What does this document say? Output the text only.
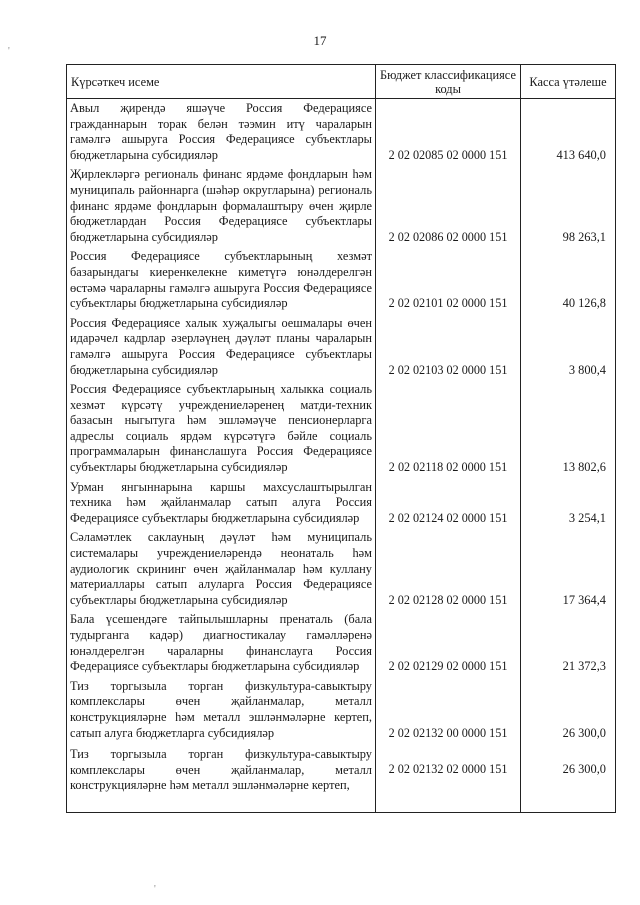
17
Күрсәткеч исеме	Бюджет классификациясе коды	Касса үтәлеше
Авыл җирендә яшәүче Россия Федерациясе гражданнарын торак белән тәэмин итү чараларын гамәлгә ашыруга Россия Федерациясе субъектлары бюджетларына субсидияләр	2 02 02085 02 0000 151	413 640,0
Җирлекләргә региональ финанс ярдәме фондларын һәм муниципаль районнарга (шәһәр округларына) региональ финанс ярдәме фондларын формалаштыру өчен җирле бюджетлардан Россия Федерациясе субъектлары бюджетларына субсидияләр	2 02 02086 02 0000 151	98 263,1
Россия Федерациясе субъектларының хезмәт базарындагы киеренкелекне киметүгә юнәлдерелгән өстәмә чараларны гамәлгә ашыруга Россия Федерациясе субъектлары бюджетларына субсидияләр	2 02 02101 02 0000 151	40 126,8
Россия Федерациясе халык хуҗалыгы оешмалары өчен идарәчел кадрлар әзерләүнең дәүләт планы чараларын гамәлгә ашыруга Россия Федерациясе субъектлары бюджетларына субсидияләр	2 02 02103 02 0000 151	3 800,4
Россия Федерациясе субъектларының халыкка социаль хезмәт күрсәтү учреждениеләренең матди-техник базасын ныгытуга һәм эшләмәүче пенсионерларга адреслы социаль ярдәм күрсәтүгә бәйле социаль программаларын финанслашуга Россия Федерациясе субъектлары бюджетларына субсидияләр	2 02 02118 02 0000 151	13 802,6
Урман янгыннарына каршы махсуслаштырылган техника һәм җайланмалар сатып алуга Россия Федерациясе субъектлары бюджетларына субсидияләр	2 02 02124 02 0000 151	3 254,1
Сәламәтлек саклауның дәүләт һәм муниципаль системалары учреждениеләрендә неонаталь һәм аудиологик скрининг өчен җайланмалар һәм куллану материаллары сатып алуларга Россия Федерациясе субъектлары бюджетларына субсидияләр	2 02 02128 02 0000 151	17 364,4
Бала үсешендәге тайпылышларны пренаталь (бала тудырганга кадәр) диагностикалау гамәлләренә юнәлдерелгән чараларны финанслауга Россия Федерациясе субъектлары бюджетларына субсидияләр	2 02 02129 02 0000 151	21 372,3
Тиз торгызыла торган физкультура-савыктыру комплекслары өчен җайланмалар, металл конструкцияләрне һәм металл эшләнмәләрне кертеп, сатып алуга бюджетларга субсидияләр	2 02 02132 00 0000 151	26 300,0
Тиз торгызыла торган физкультура-савыктыру комплекслары өчен җайланмалар, металл конструкцияләрне һәм металл эшләнмәләрне кертеп,	2 02 02132 02 0000 151	26 300,0
'
'
